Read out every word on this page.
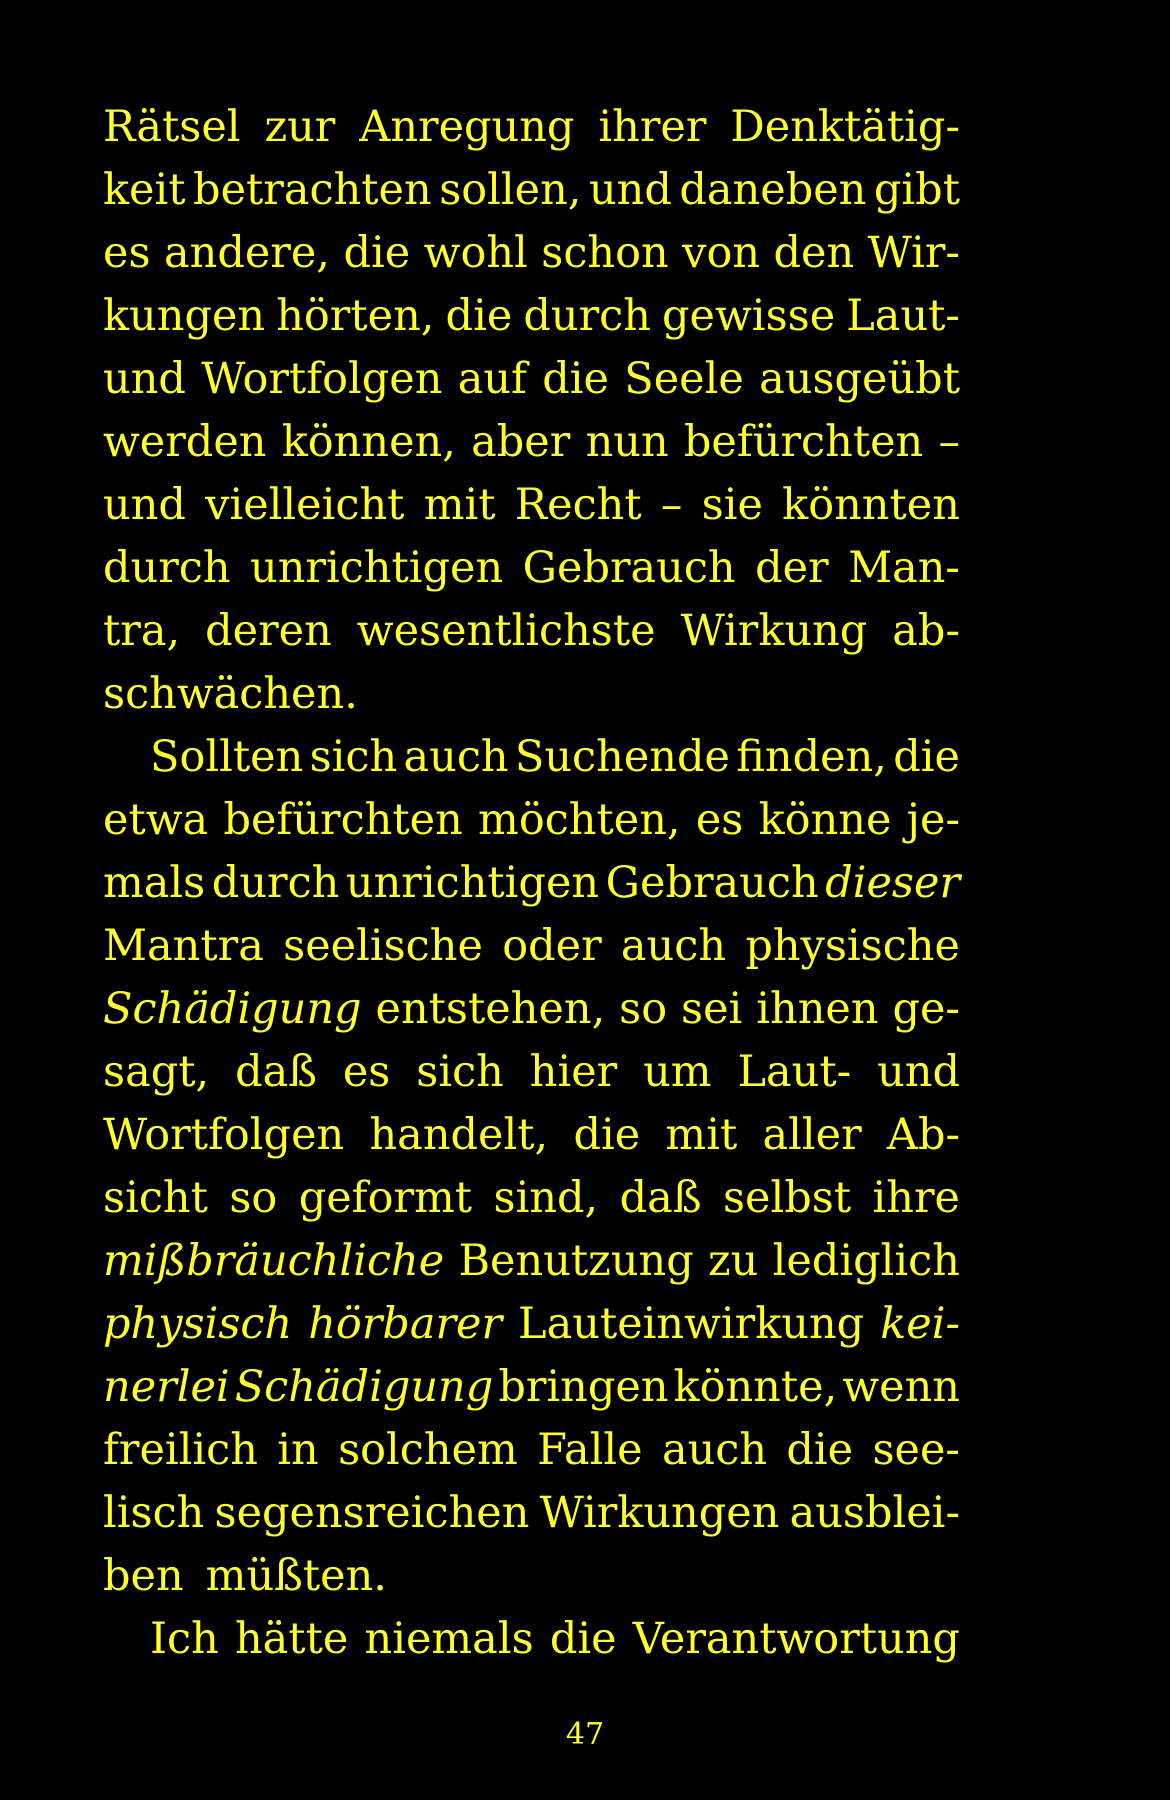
Rätsel zur Anregung ihrer Denktätig-
keit betrachten sollen, und daneben gibt
es andere, die wohl schon von den Wir-
kungen hörten, die durch gewisse Laut-
und Wortfolgen auf die Seele ausgeübt
werden können, aber nun befürchten –
und vielleicht mit Recht – sie könnten
durch unrichtigen Gebrauch der Man-
tra, deren wesentlichste Wirkung ab-
schwächen.
Sollten sich auch Suchende finden, die
etwa befürchten möchten, es könne je-
mals durch unrichtigen Gebrauch dieser
Mantra seelische oder auch physische
Schädigung entstehen, so sei ihnen ge-
sagt, daß es sich hier um Laut- und
Wortfolgen handelt, die mit aller Ab-
sicht so geformt sind, daß selbst ihre
mißbräuchliche Benutzung zu lediglich
physisch hörbarer Lauteinwirkung kei-
nerlei Schädigung bringen könnte, wenn
freilich in solchem Falle auch die see-
lisch segensreichen Wirkungen ausblei-
ben müßten.
Ich hätte niemals die Verantwortung
47
